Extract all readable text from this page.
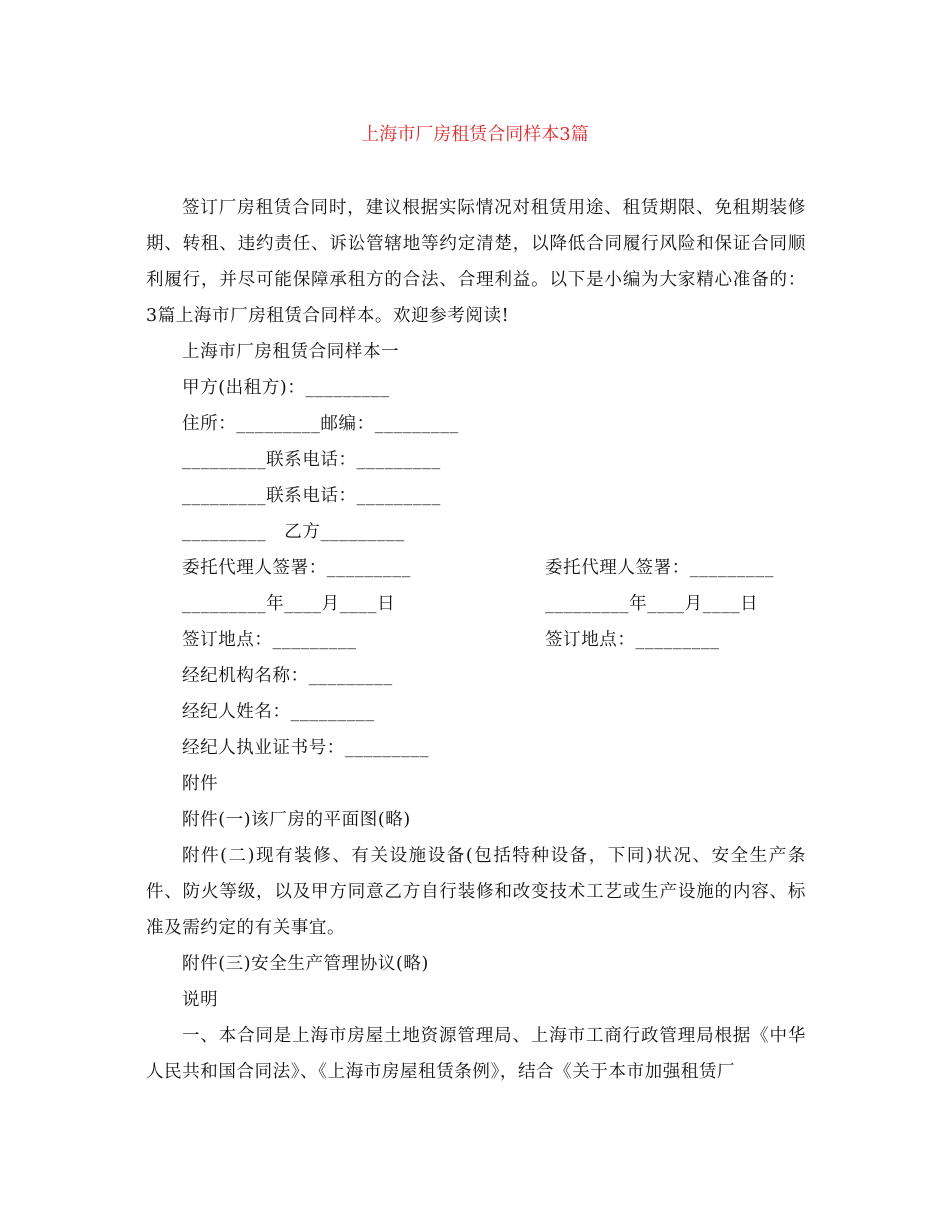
上海市厂房租赁合同样本3篇

签订厂房租赁合同时，建议根据实际情况对租赁用途、租赁期限、免租期装修期、转租、违约责任、诉讼管辖地等约定清楚，以降低合同履行风险和保证合同顺利履行，并尽可能保障承租方的合法、合理利益。以下是小编为大家精心准备的：3篇上海市厂房租赁合同样本。欢迎参考阅读!

上海市厂房租赁合同样本一

甲方(出租方)：_________

住所：_________邮编：_________

_________联系电话：_________

_________联系电话：_________

_________　乙方_________

委托代理人签署：_________	委托代理人签署：_________
_________年____月____日	_________年____月____日
签订地点：_________	签订地点：_________

经纪机构名称：_________

经纪人姓名：_________

经纪人执业证书号：_________

附件

附件(一)该厂房的平面图(略)

附件(二)现有装修、有关设施设备(包括特种设备，下同)状况、安全生产条件、防火等级，以及甲方同意乙方自行装修和改变技术工艺或生产设施的内容、标准及需约定的有关事宜。

附件(三)安全生产管理协议(略)

说明

一、本合同是上海市房屋土地资源管理局、上海市工商行政管理局根据《中华人民共和国合同法》、《上海市房屋租赁条例》，结合《关于本市加强租赁厂
